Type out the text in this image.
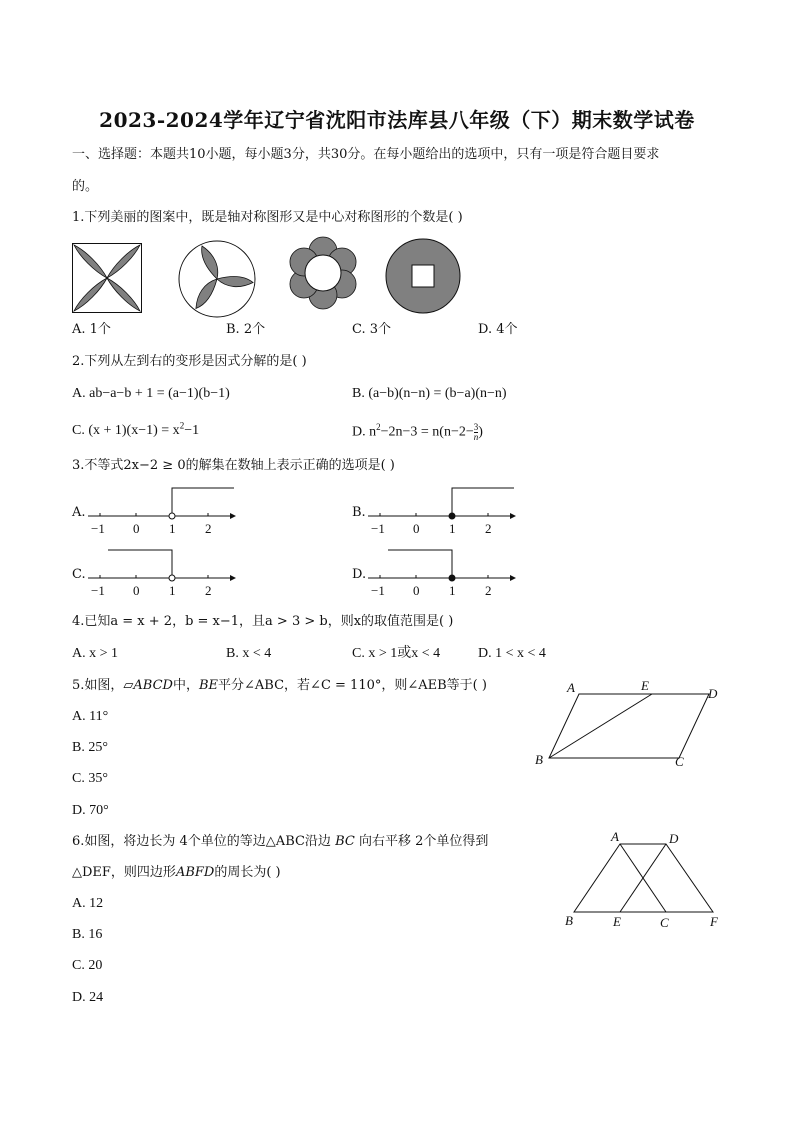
2023-2024学年辽宁省沈阳市法库县八年级（下）期末数学试卷
一、选择题：本题共10小题，每小题3分，共30分。在每小题给出的选项中，只有一项是符合题目要求
的。
1.下列美丽的图案中，既是轴对称图形又是中心对称图形的个数是( )
A. 1个	B. 2个	C. 3个	D. 4个
2.下列从左到右的变形是因式分解的是( )
A. ab−a−b + 1 = (a−1)(b−1)	B. (a−b)(n−n) = (b−a)(n−n)
C. $(x + 1)(x-1) = x^2-1$	D. $n^2-2n-3 = n(n-2- \frac{3}{n}$ )
3.不等式2x−2 ≥ 0的解集在数轴上表示正确的选项是( )
A.	B.
C.	D.
−1 0 1 2	−1 0 1 2
−1 0 1 2	−1 0 1 2
4.已知a = x + 2，b = x−1，且a > 3 > b，则x的取值范围是( )
A. x > 1	B. x < 4	C. x > 1或x < 4	D. 1 < x < 4
5.如图，▱ABCD中，BE平分∠ABC，若∠C = 110°，则∠AEB等于( )
A. 11°
B. 25°
C. 35°
D. 70°
A	E
D
B	C
6.如图，将边长为 4个单位的等边△ABC沿边 BC 向右平移 2个单位得到
△DEF，则四边形ABFD的周长为( )
A. 12
B. 16
C. 20
D. 24
A	D
B	E	C	F
